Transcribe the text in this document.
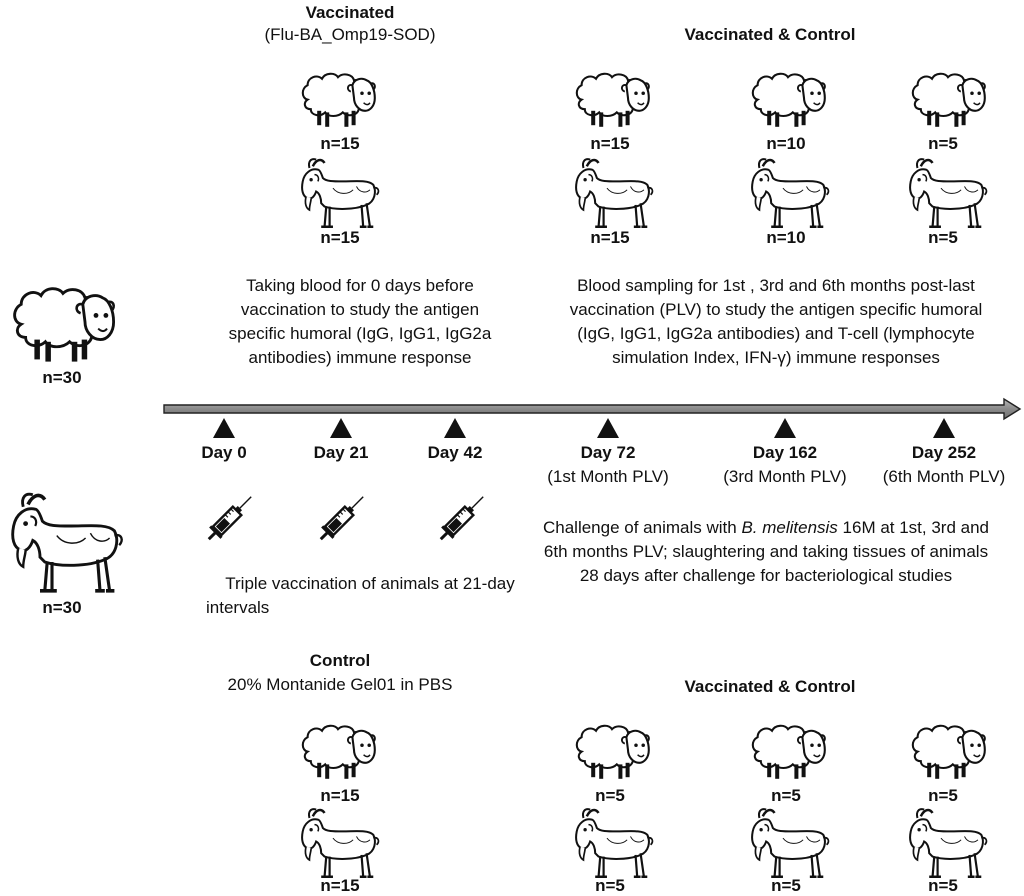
n=30
n=30
Vaccinated
(Flu-BA_Omp19-SOD)
n=15
n=15
Vaccinated & Control
n=15	n=10	n=5
n=15	n=10	n=5
Taking blood for 0 days before
vaccination to study the antigen
specific humoral (IgG, IgG1, IgG2a
antibodies) immune response
Blood sampling for 1st , 3rd and 6th months post-last
vaccination (PLV) to study the antigen specific humoral
(IgG, IgG1, IgG2a antibodies) and T-cell (lymphocyte
simulation Index, IFN-γ) immune responses
Day 0	Day 21	Day 42	Day 72
(1st Month PLV)
Day 162
(3rd Month PLV)
Day 252
(6th Month PLV)
Triple vaccination of animals at 21-day
intervals
Challenge of animals with B. melitensis 16M at 1st, 3rd and
6th months PLV; slaughtering and taking tissues of animals
28 days after challenge for bacteriological studies
Control
20% Montanide Gel01 in PBS
n=15
n=15
Vaccinated & Control
n=5	n=5	n=5
n=5	n=5	n=5
